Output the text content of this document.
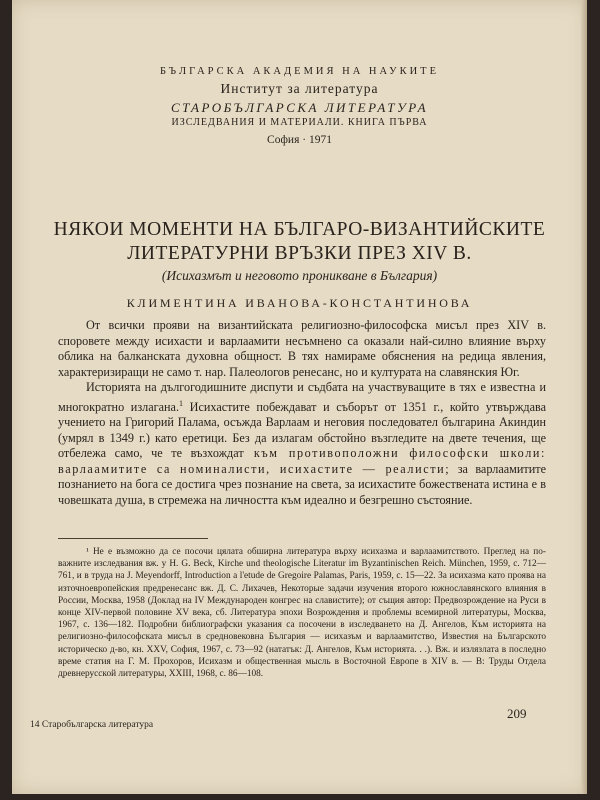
БЪЛГАРСКА АКАДЕМИЯ НА НАУКИТЕ
Институт за литература
СТАРОБЪЛГАРСКА ЛИТЕРАТУРА
ИЗСЛЕДВАНИЯ И МАТЕРИАЛИ. КНИГА ПЪРВА
София · 1971
НЯКОИ МОМЕНТИ НА БЪЛГАРО-ВИЗАНТИЙСКИТЕ
ЛИТЕРАТУРНИ ВРЪЗКИ ПРЕЗ XIV В.
(Исихазмът и неговото проникване в България)
КЛИМЕНТИНА ИВАНОВА-КОНСТАНТИНОВА

От всички прояви на византийската религиозно-философска мисъл през XIV в. споровете между исихасти и варлаамити несъмнено са оказали най-силно влияние върху облика на балканската духовна общност. В тях намираме обяснения на редица явления, характеризиращи не само т. нар. Палеологов ренесанс, но и културата на славянския Юг.

Историята на дългогодишните диспути и съдбата на участвуващите в тях е известна и многократно излагана.$^1$ Исихастите побеждават и съборът от 1351 г., който утвърждава учението на Григорий Палама, осъжда Варлаам и неговия последовател българина Акиндин (умрял в 1349 г.) като еретици. Без да излагам обстойно възгледите на двете течения, ще отбележа само, че те възхождат към противоположни философски школи: варлаамитите са номиналисти, исихастите — реалисти; за варлаамитите познанието на бога се достига чрез познание на света, за исихастите божествената истина е в човешката душа, в стремежа на личността към идеално и безгрешно състояние.

¹ Не е възможно да се посочи цялата обширна литература върху исихазма и варлаамитството. Преглед на по-важните изследвания вж. у H. G. Beck, Kirche und theologische Literatur im Byzantinischen Reich. München, 1959, с. 712—761, и в труда на J. Meyendorff, Introduction a l'etude de Gregoire Palamas, Paris, 1959, с. 15—22. За исихазма като проява на източноевропейския предренесанс вж. Д. С. Лихачев, Некоторые задачи изучения второго южнославянского влияния в России, Москва, 1958 (Доклад на IV Международен конгрес на славистите); от същия автор: Предвозрождение на Руси в конце XIV-первой половине XV века, сб. Литература эпохи Возрождения и проблемы всемирной литературы, Москва, 1967, с. 136—182. Подробни библиографски указания са посочени в изследването на Д. Ангелов, Към историята на религиозно-философската мисъл в средновековна България — исихазъм и варлаамитство, Известия на Българското историческо д-во, кн. XXV, София, 1967, с. 73—92 (нататък: Д. Ангелов, Към историята. . .). Вж. и излязлата в последно време статия на Г. М. Прохоров, Исихазм и общественная мысль в Восточной Европе в XIV в. — В: Труды Отдела древнерусской литературы, XXIII, 1968, с. 86—108.

14 Старобългарска литература
209
